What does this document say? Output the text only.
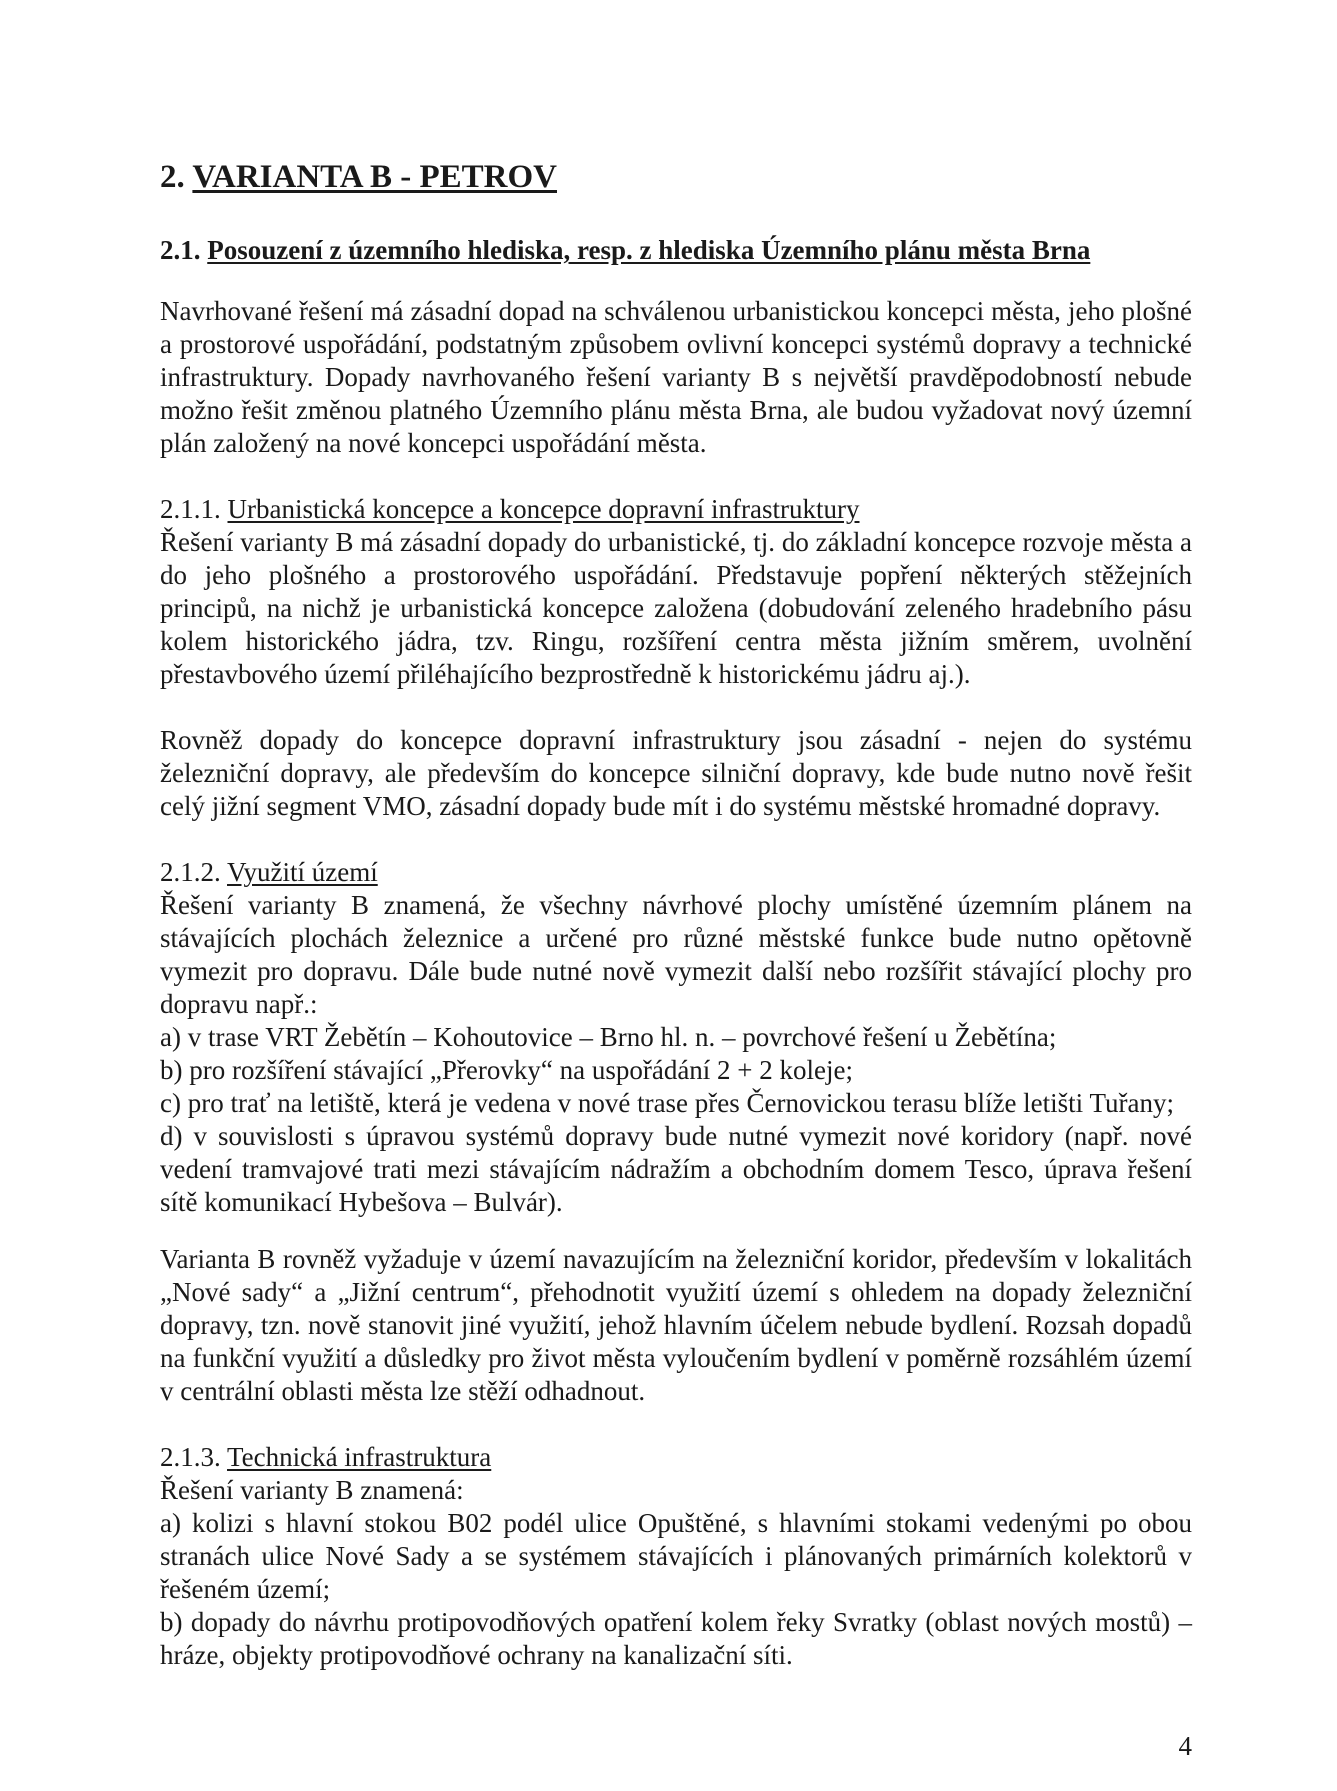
2. VARIANTA B - PETROV
2.1. Posouzení z územního hlediska, resp. z hlediska Územního plánu města Brna

Navrhované řešení má zásadní dopad na schválenou urbanistickou koncepci města, jeho plošné a prostorové uspořádání, podstatným způsobem ovlivní koncepci systémů dopravy a technické infrastruktury. Dopady navrhovaného řešení varianty B s největší pravděpodobností nebude možno řešit změnou platného Územního plánu města Brna, ale budou vyžadovat nový územní plán založený na nové koncepci uspořádání města.

2.1.1. Urbanistická koncepce a koncepce dopravní infrastruktury

Řešení varianty B má zásadní dopady do urbanistické, tj. do základní koncepce rozvoje města a do jeho plošného a prostorového uspořádání. Představuje popření některých stěžejních principů, na nichž je urbanistická koncepce založena (dobudování zeleného hradebního pásu kolem historického jádra, tzv. Ringu, rozšíření centra města jižním směrem, uvolnění přestavbového území přiléhajícího bezprostředně k historickému jádru aj.).

Rovněž dopady do koncepce dopravní infrastruktury jsou zásadní - nejen do systému železniční dopravy, ale především do koncepce silniční dopravy, kde bude nutno nově řešit celý jižní segment VMO, zásadní dopady bude mít i do systému městské hromadné dopravy.

2.1.2. Využití území

Řešení varianty B znamená, že všechny návrhové plochy umístěné územním plánem na stávajících plochách železnice a určené pro různé městské funkce bude nutno opětovně vymezit pro dopravu. Dále bude nutné nově vymezit další nebo rozšířit stávající plochy pro dopravu např.:

a) v trase VRT Žebětín – Kohoutovice – Brno hl. n. – povrchové řešení u Žebětína;

b) pro rozšíření stávající „Přerovky“ na uspořádání 2 + 2 koleje;

c) pro trať na letiště, která je vedena v nové trase přes Černovickou terasu blíže letišti Tuřany;

d) v souvislosti s úpravou systémů dopravy bude nutné vymezit nové koridory (např. nové vedení tramvajové trati mezi stávajícím nádražím a obchodním domem Tesco, úprava řešení sítě komunikací Hybešova – Bulvár).

Varianta B rovněž vyžaduje v území navazujícím na železniční koridor, především v lokalitách „Nové sady“ a „Jižní centrum“, přehodnotit využití území s ohledem na dopady železniční dopravy, tzn. nově stanovit jiné využití, jehož hlavním účelem nebude bydlení. Rozsah dopadů na funkční využití a důsledky pro život města vyloučením bydlení v poměrně rozsáhlém území v centrální oblasti města lze stěží odhadnout.

2.1.3. Technická infrastruktura

Řešení varianty B znamená:

a) kolizi s hlavní stokou B02 podél ulice Opuštěné, s hlavními stokami vedenými po obou stranách ulice Nové Sady a se systémem stávajících i plánovaných primárních kolektorů v řešeném území;

b) dopady do návrhu protipovodňových opatření kolem řeky Svratky (oblast nových mostů) – hráze, objekty protipovodňové ochrany na kanalizační síti.

4
